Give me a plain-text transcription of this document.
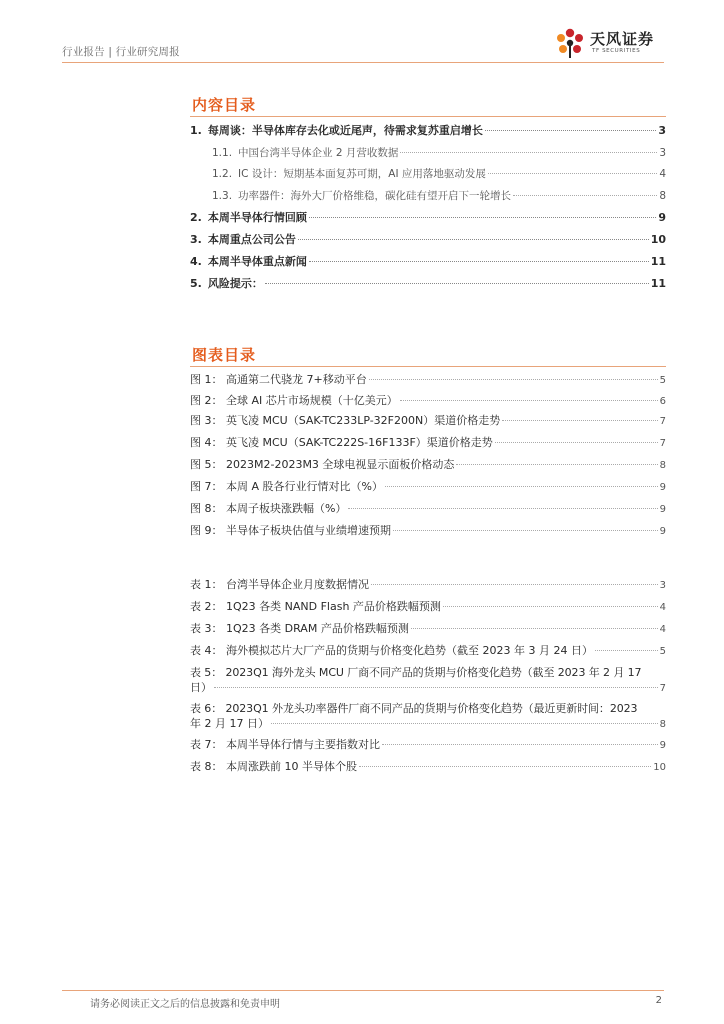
行业报告 | 行业研究周报
天风证券
TF SECURITIES
内容目录
1. 每周谈：半导体库存去化或近尾声，待需求复苏重启增长	3
1.1. 中国台湾半导体企业 2 月营收数据	3
1.2. IC 设计：短期基本面复苏可期，AI 应用落地驱动发展	4
1.3. 功率器件：海外大厂价格维稳，碳化硅有望开启下一轮增长	8
2. 本周半导体行情回顾	9
3. 本周重点公司公告	10
4. 本周半导体重点新闻	11
5. 风险提示：	11
图表目录
图 1： 高通第二代骁龙 7+移动平台	5
图 2： 全球 AI 芯片市场规模（十亿美元）	6
图 3： 英飞凌 MCU（SAK-TC233LP-32F200N）渠道价格走势	7
图 4： 英飞凌 MCU（SAK-TC222S-16F133F）渠道价格走势	7
图 5： 2023M2-2023M3 全球电视显示面板价格动态	8
图 7： 本周 A 股各行业行情对比（%）	9
图 8： 本周子板块涨跌幅（%）	9
图 9： 半导体子板块估值与业绩增速预期	9
表 1： 台湾半导体企业月度数据情况	3
表 2： 1Q23 各类 NAND Flash 产品价格跌幅预测	4
表 3： 1Q23 各类 DRAM 产品价格跌幅预测	4
表 4： 海外模拟芯片大厂产品的货期与价格变化趋势（截至 2023 年 3 月 24 日）	5
表 5： 2023Q1 海外龙头 MCU 厂商不同产品的货期与价格变化趋势（截至 2023 年 2 月 17
日）	7
表 6： 2023Q1 外龙头功率器件厂商不同产品的货期与价格变化趋势（最近更新时间：2023
年 2 月 17 日）	8
表 7： 本周半导体行情与主要指数对比	9
表 8： 本周涨跌前 10 半导体个股	10
请务必阅读正文之后的信息披露和免责申明	2
